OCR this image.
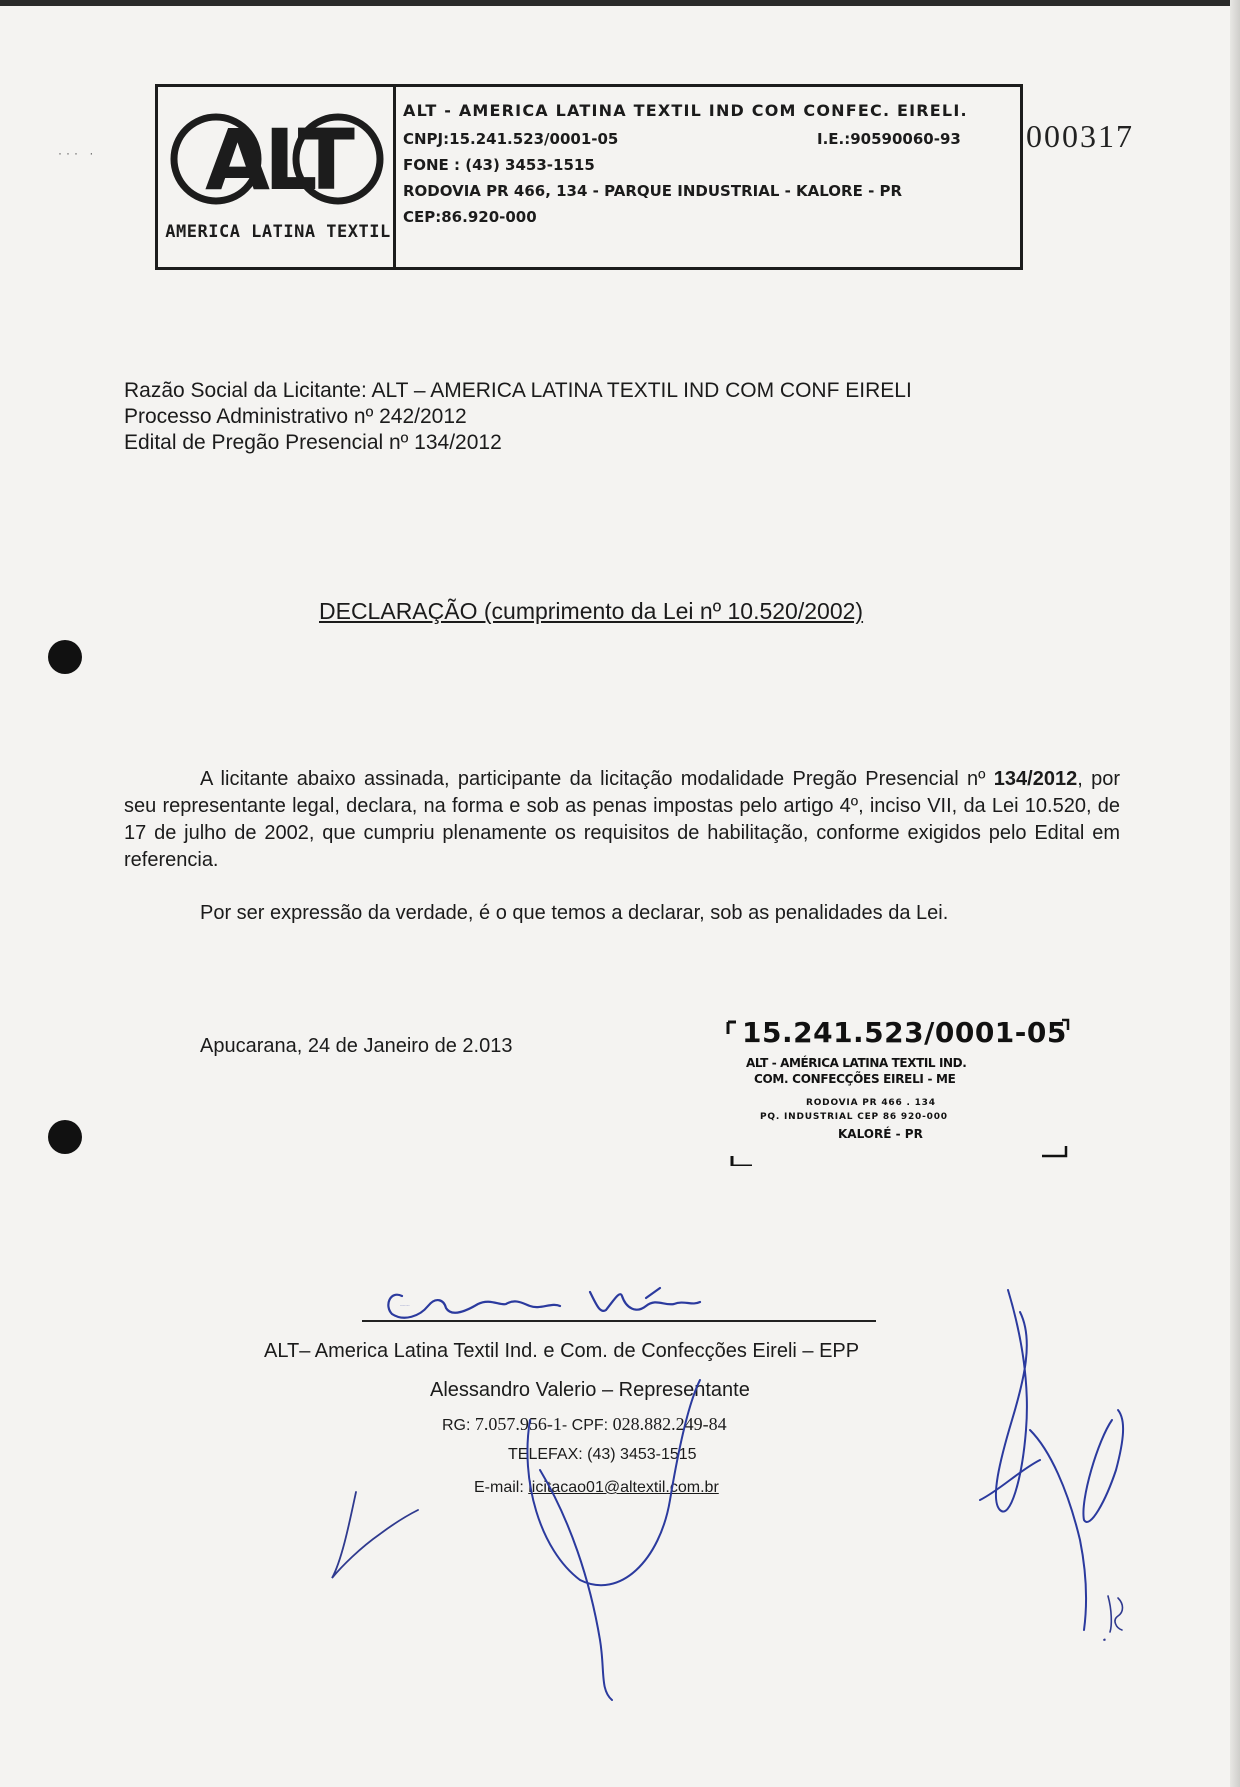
ALT
AMERICA LATINA TEXTIL
ALT - AMERICA LATINA TEXTIL IND COM CONFEC. EIRELI.
CNPJ:15.241.523/0001-05	I.E.:90590060-93
FONE : (43) 3453-1515
RODOVIA PR 466, 134 - PARQUE INDUSTRIAL - KALORE - PR
CEP:86.920-000
000317
··· ·
Razão Social da Licitante: ALT – AMERICA LATINA TEXTIL IND COM CONF EIRELI
Processo Administrativo nº 242/2012
Edital de Pregão Presencial nº 134/2012
DECLARAÇÃO (cumprimento da Lei nº 10.520/2002)
A licitante abaixo assinada, participante da licitação modalidade Pregão Presencial nº 134/2012, por seu representante legal, declara, na forma e sob as penas impostas pelo artigo 4º, inciso VII, da Lei 10.520, de 17 de julho de 2002, que cumpriu plenamente os requisitos de habilitação, conforme exigidos pelo Edital em referencia.
Por ser expressão da verdade, é o que temos a declarar, sob as penalidades da Lei.
Apucarana, 24 de Janeiro de 2.013	15.241.523/0001-05
ALT - AMÉRICA LATINA TEXTIL IND.
COM. CONFECÇÕES EIRELI - ME
RODOVIA PR 466 . 134
PQ. INDUSTRIAL CEP 86 920-000
KALORÉ - PR
ALT– America Latina Textil Ind. e Com. de Confecções Eireli – EPP
Alessandro Valerio – Representante
RG: 7.057.956-1- CPF: 028.882.249-84
TELEFAX: (43) 3453-1515
E-mail: licitacao01@altextil.com.br
98
Alessandro Valério
